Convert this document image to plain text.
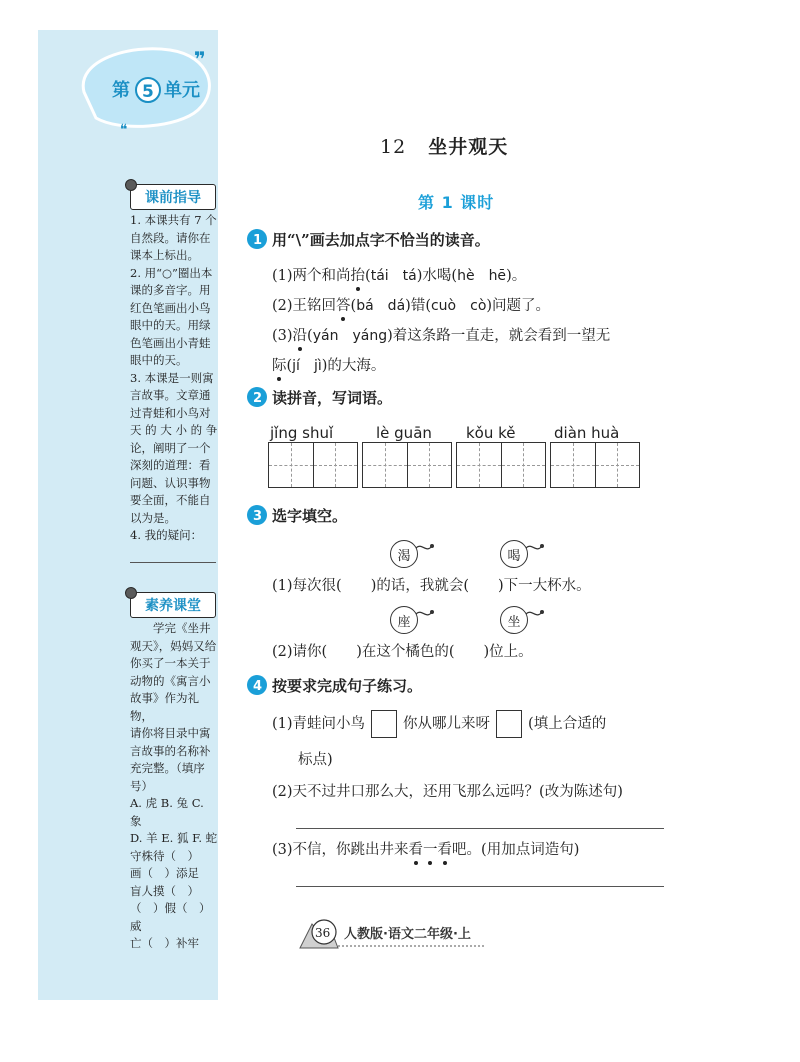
第 5 单元
❞
❝
课前指导
1. 本课共有 7 个
自然段。请你在
课本上标出。
2. 用“○”圈出本
课的多音字。用
红色笔画出小鸟
眼中的天。用绿
色笔画出小青蛙
眼中的天。
3. 本课是一则寓
言故事。文章通
过青蛙和小鸟对
天 的 大 小 的 争
论，阐明了一个
深刻的道理：看
问题、认识事物
要全面，不能自
以为是。
4. 我的疑问：
素养课堂
　　学完《坐井
观天》，妈妈又给
你买了一本关于
动物的《寓言小
故事》作为礼物，
请你将目录中寓
言故事的名称补
充完整。（填序
号）
A. 虎 B. 兔 C. 象
D. 羊 E. 狐 F. 蛇
守株待（　）
画（　）添足
盲人摸（　）
（　）假（　）威
亡（　）补牢
12 坐井观天
第 1 课时
1 用“\”画去加点字不恰当的读音。
(1)两个和尚抬(tái　tá)水喝(hè　hē)。
(2)王铭回答(bá　dá)错(cuò　cò)问题了。
(3)沿(yán　yáng)着这条路一直走，就会看到一望无
际(jí　jì)的大海。
2 读拼音，写词语。
jǐng shuǐ	lè guān kǒu kě	diàn huà
3 选字填空。
渴	喝
(1)每次很(　　)的话，我就会(　　)下一大杯水。
座	坐
(2)请你(　　)在这个橘色的(　　)位上。
4 按要求完成句子练习。
(1)青蛙问小鸟	你从哪儿来呀	(填上合适的
标点)
(2)天不过井口那么大，还用飞那么远吗？(改为陈述句)
(3)不信，你跳出井来看一看吧。(用加点词造句)
36 人教版·语文二年级·上
